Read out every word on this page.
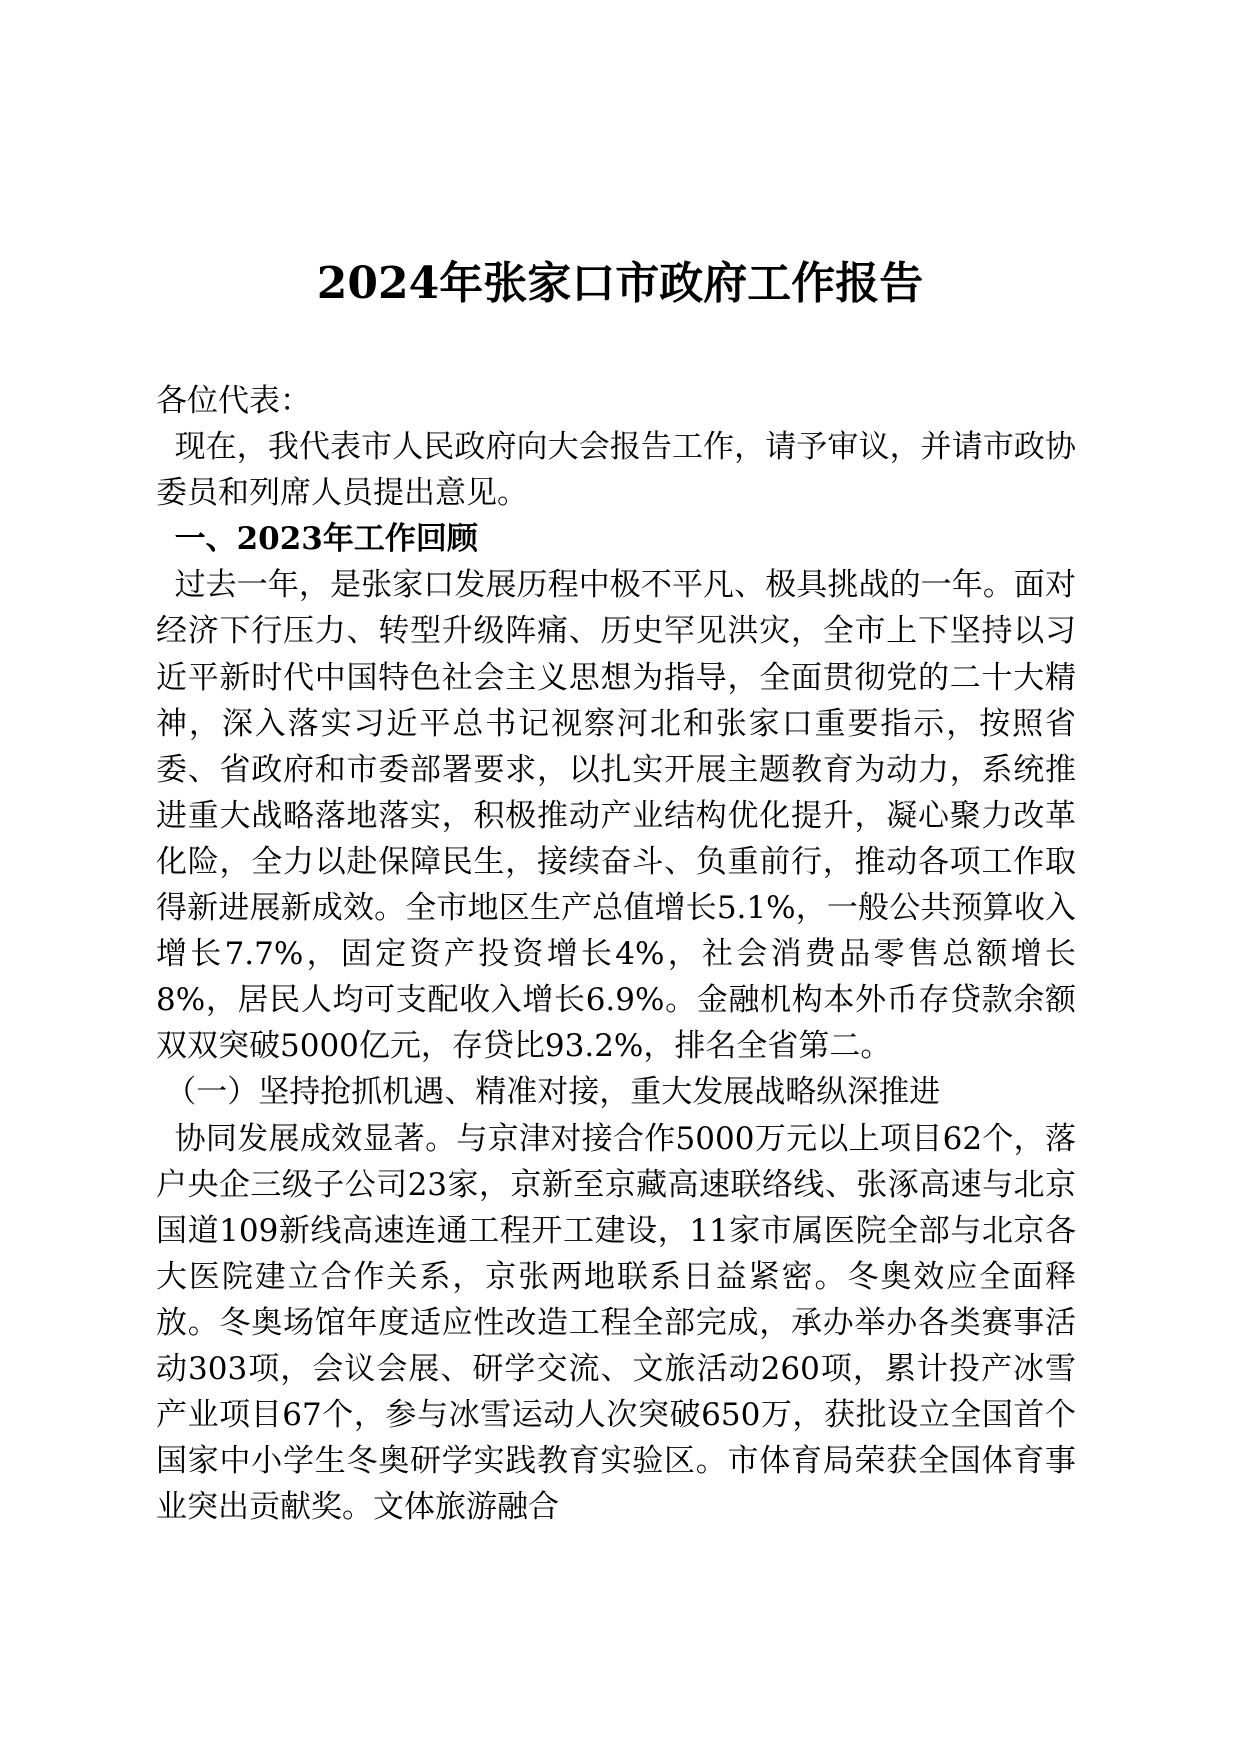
2024年张家口市政府工作报告

各位代表：

现在，我代表市人民政府向大会报告工作，请予审议，并请市政协委员和列席人员提出意见。

一、2023年工作回顾

过去一年，是张家口发展历程中极不平凡、极具挑战的一年。面对经济下行压力、转型升级阵痛、历史罕见洪灾，全市上下坚持以习近平新时代中国特色社会主义思想为指导，全面贯彻党的二十大精神，深入落实习近平总书记视察河北和张家口重要指示，按照省委、省政府和市委部署要求，以扎实开展主题教育为动力，系统推进重大战略落地落实，积极推动产业结构优化提升，凝心聚力改革化险，全力以赴保障民生，接续奋斗、负重前行，推动各项工作取得新进展新成效。全市地区生产总值增长5.1%，一般公共预算收入增长7.7%，固定资产投资增长4%，社会消费品零售总额增长8%，居民人均可支配收入增长6.9%。金融机构本外币存贷款余额双双突破5000亿元，存贷比93.2%，排名全省第二。

（一）坚持抢抓机遇、精准对接，重大发展战略纵深推进

协同发展成效显著。与京津对接合作5000万元以上项目62个，落户央企三级子公司23家，京新至京藏高速联络线、张涿高速与北京国道109新线高速连通工程开工建设，11家市属医院全部与北京各大医院建立合作关系，京张两地联系日益紧密。冬奥效应全面释放。冬奥场馆年度适应性改造工程全部完成，承办举办各类赛事活动303项，会议会展、研学交流、文旅活动260项，累计投产冰雪产业项目67个，参与冰雪运动人次突破650万，获批设立全国首个国家中小学生冬奥研学实践教育实验区。市体育局荣获全国体育事业突出贡献奖。文体旅游融合
